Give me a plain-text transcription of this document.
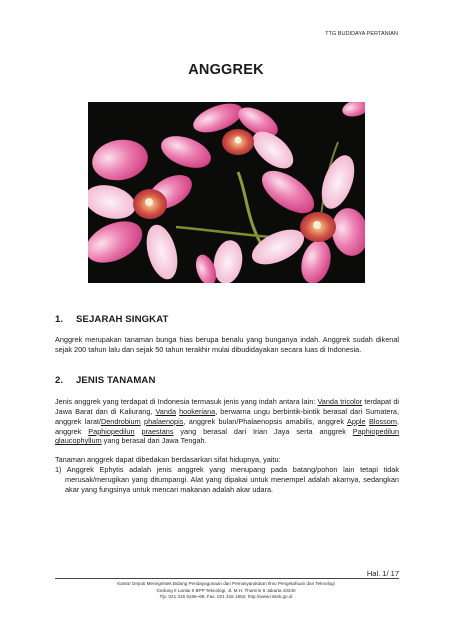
TTG BUDIDAYA PERTANIAN
ANGGREK
1. SEJARAH SINGKAT

Anggrek merupakan tanaman bunga hias berupa benalu yang bunganya indah. Anggrek sudah dikenal sejak 200 tahun lalu dan sejak 50 tahun terakhir mulai dibudidayakan secara luas di Indonesia.

2. JENIS TANAMAN

Jenis anggrek yang terdapat di Indonesia termasuk jenis yang indah antara lain: Vanda tricolor terdapat di Jawa Barat dan di Kaliurang, Vanda hookeriana, berwarna ungu berbintik-bintik berasal dari Sumatera, anggrek larat/Dendrobium phalaenopis, anggrek bulan/Phalaenopsis amabilis, anggrek Apple Blossom, anggrek Paphiopedilun praestans yang berasal dari Irian Jaya serta anggrek Paphiopedilun glaucophyllum yang berasal dari Jawa Tengah.

Tanaman anggrek dapat dibedakan berdasarkan sifat hidupnya, yaitu:

1) Anggrek Ephytis adalah jenis anggrek yang menupang pada batang/pohon lain tetapi tidak merusak/merugikan yang ditumpangi. Alat yang dipakai untuk menempel adalah akarnya, sedangkan akar yang fungsinya untuk mencari makanan adalah akar udara.
Hal. 1/ 17
Kantor Deputi Menegristek Bidang Pendayagunaan dan Pemasyarakatan Ilmu Pengetahuan dan Teknologi
Gedung II Lantai 6 BPP Teknologi, Jl. M.H. Thamrin 8 Jakarta 10340
Tlp. 021 316 9166~69, Fax. 021 316 1952; http://www.ristek.go.id
